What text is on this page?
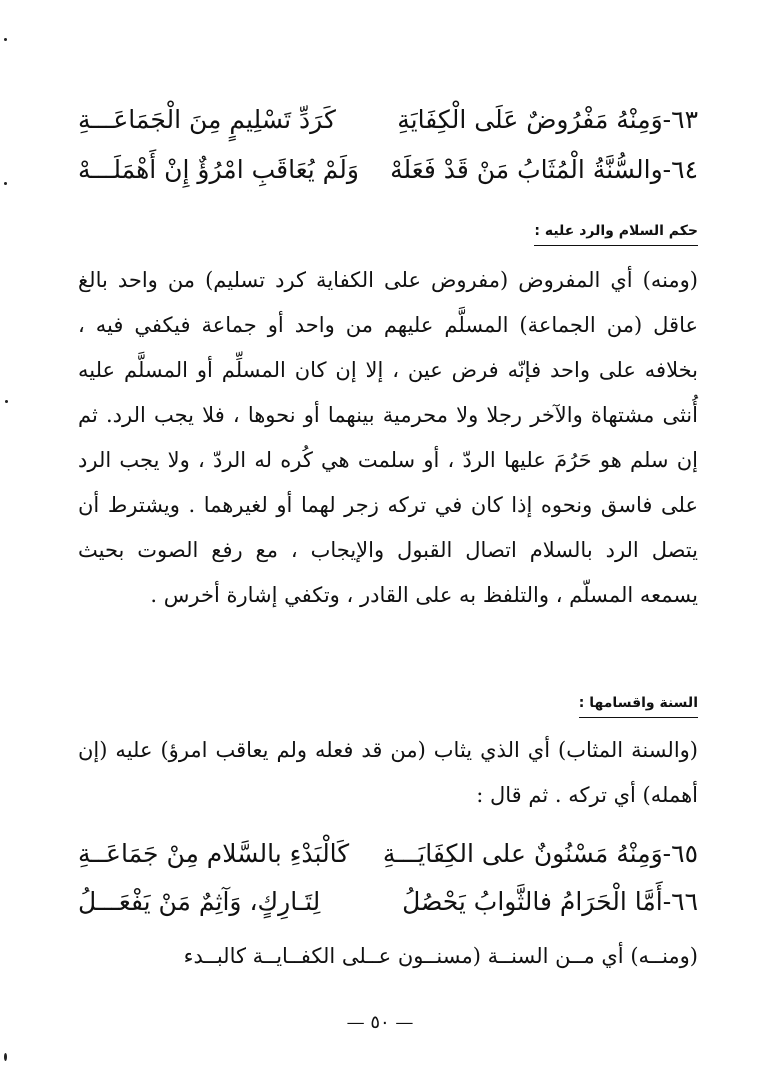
٦٣-وَمِنْهُ مَفْرُوضٌ عَلَى الْكِفَايَةِ
كَرَدِّ تَسْلِيمٍ مِنَ الْجَمَاعَـــةِ
٦٤-والسُّنَّةُ الْمُثَابُ مَنْ قَدْ فَعَلَهْ
وَلَمْ يُعَاقَبِ امْرُؤٌ إِنْ أَهْمَلَـــهْ
حكم السلام والرد عليه :
(ومنه) أي المفروض (مفروض على الكفاية كرد تسليم) من واحد بالغ عاقل (من الجماعة) المسلَّم عليهم من واحد أو جماعة فيكفي فيه ، بخلافه على واحد فإنّه فرض عين ، إلا إن كان المسلِّم أو المسلَّم عليه أُنثى مشتهاة والآخر رجلا ولا محرمية بينهما أو نحوها ، فلا يجب الرد. ثم إن سلم هو حَرُمَ عليها الردّ ، أو سلمت هي كُره له الردّ ، ولا يجب الرد على فاسق ونحوه إذا كان في تركه زجر لهما أو لغيرهما . ويشترط أن يتصل الرد بالسلام اتصال القبول والإيجاب ، مع رفع الصوت بحيث يسمعه المسلّم ، والتلفظ به على القادر ، وتكفي إشارة أخرس .
السنة واقسامها :
(والسنة المثاب) أي الذي يثاب (من قد فعله ولم يعاقب امرؤ) عليه (إن أهمله) أي تركه . ثم قال :
٦٥-وَمِنْهُ مَسْنُونٌ على الكِفَايَـــةِ
كَالْبَدْءِ بالسَّلام مِنْ جَمَاعَــةِ
٦٦-أَمَّا الْحَرَامُ فالثَّوابُ يَحْصُلُ
لِتَـارِكٍ، وَآثِمٌ مَنْ يَفْعَـــلُ
(ومنــه) أي مــن السنــة (مسنــون عــلى الكفــايــة كالبــدء
— ٥٠ —
